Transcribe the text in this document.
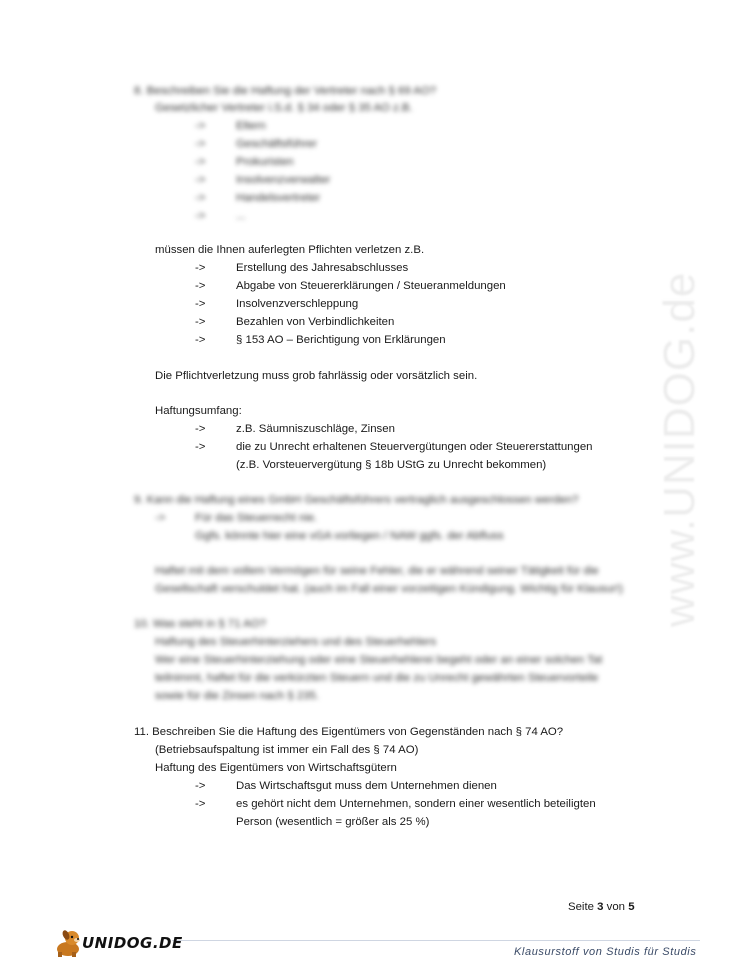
www.UNIDOG.de
8. Beschreiben Sie die Haftung der Vertreter nach § 69 AO?
Gesetzlicher Vertreter i.S.d. § 34 oder § 35 AO z.B.
->	Eltern
->	Geschäftsführer
->	Prokuristen
->	Insolvenzverwalter
->	Handelsvertreter
->	...
müssen die Ihnen auferlegten Pflichten verletzen z.B.
->	Erstellung des Jahresabschlusses
->	Abgabe von Steuererklärungen / Steueranmeldungen
->	Insolvenzverschleppung
->	Bezahlen von Verbindlichkeiten
->	§ 153 AO – Berichtigung von Erklärungen
Die Pflichtverletzung muss grob fahrlässig oder vorsätzlich sein.
Haftungsumfang:
->	z.B. Säumniszuschläge, Zinsen
->	die zu Unrecht erhaltenen Steuervergütungen oder Steuererstattungen
(z.B. Vorsteuervergütung § 18b UStG zu Unrecht bekommen)
9. Kann die Haftung eines GmbH Geschäftsführers vertraglich ausgeschlossen werden?
->	Für das Steuerrecht nie.
Ggfs. könnte hier eine vGA vorliegen / NAW ggfs. der Abfluss
Haftet mit dem vollem Vermögen für seine Fehler, die er während seiner Tätigkeit für die
Gesellschaft verschuldet hat. (auch im Fall einer vorzeitigen Kündigung. Wichtig für Klausur!)
10. Was steht in § 71 AO?
Haftung des Steuerhinterziehers und des Steuerhehlers
Wer eine Steuerhinterziehung oder eine Steuerhehlerei begeht oder an einer solchen Tat
teilnimmt, haftet für die verkürzten Steuern und die zu Unrecht gewährten Steuervorteile
sowie für die Zinsen nach § 235.
11. Beschreiben Sie die Haftung des Eigentümers von Gegenständen nach § 74 AO?
(Betriebsaufspaltung ist immer ein Fall des § 74 AO)
Haftung des Eigentümers von Wirtschaftsgütern
->	Das Wirtschaftsgut muss dem Unternehmen dienen
->	es gehört nicht dem Unternehmen, sondern einer wesentlich beteiligten
Person (wesentlich = größer als 25 %)
Seite 3 von 5
UNIDOG.DE	Klausurstoff von Studis für Studis
